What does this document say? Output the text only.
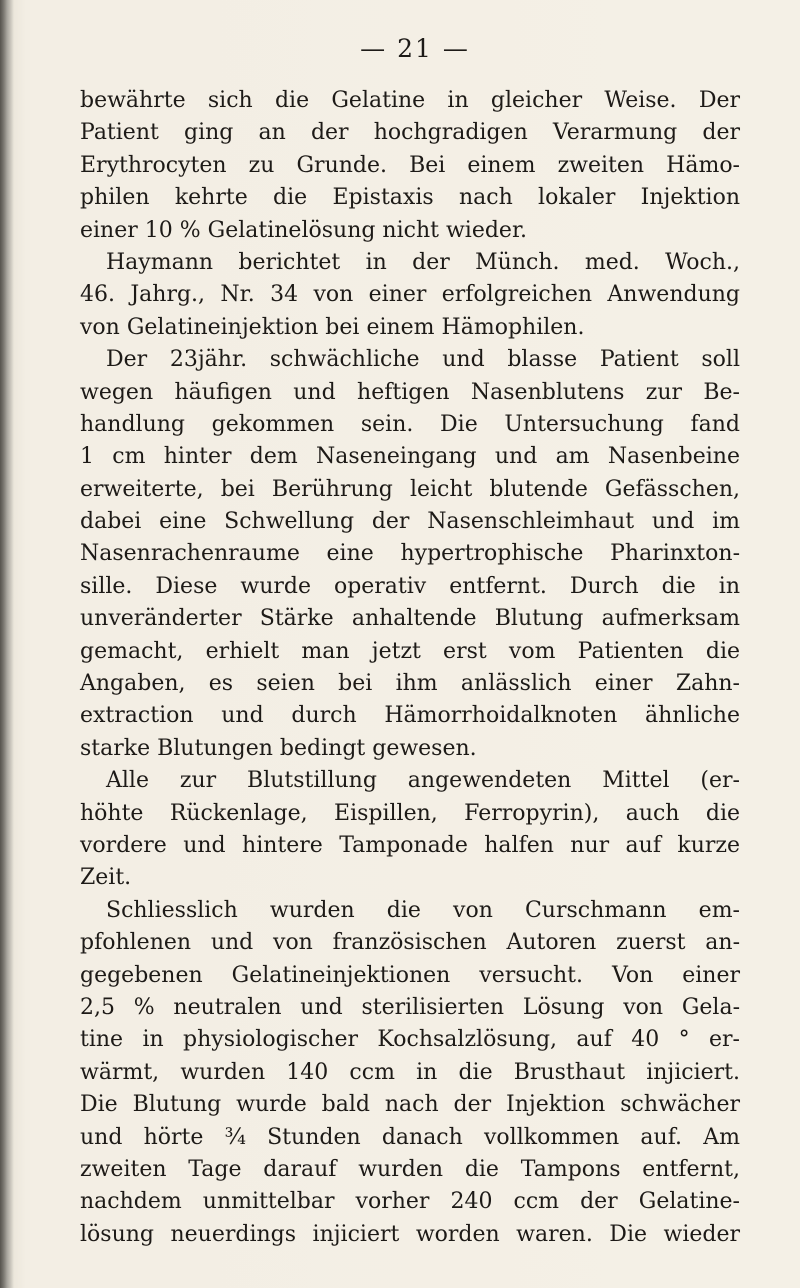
— 21 —
bewährte sich die Gelatine in gleicher Weise. Der
Patient ging an der hochgradigen Verarmung der
Erythrocyten zu Grunde. Bei einem zweiten Hämo-
philen kehrte die Epistaxis nach lokaler Injektion
einer 10 % Gelatinelösung nicht wieder.
Haymann berichtet in der Münch. med. Woch.,
46. Jahrg., Nr. 34 von einer erfolgreichen Anwendung
von Gelatineinjektion bei einem Hämophilen.
Der 23jähr. schwächliche und blasse Patient soll
wegen häufigen und heftigen Nasenblutens zur Be-
handlung gekommen sein. Die Untersuchung fand
1 cm hinter dem Naseneingang und am Nasenbeine
erweiterte, bei Berührung leicht blutende Gefässchen,
dabei eine Schwellung der Nasenschleimhaut und im
Nasenrachenraume eine hypertrophische Pharinxton-
sille. Diese wurde operativ entfernt. Durch die in
unveränderter Stärke anhaltende Blutung aufmerksam
gemacht, erhielt man jetzt erst vom Patienten die
Angaben, es seien bei ihm anlässlich einer Zahn-
extraction und durch Hämorrhoidalknoten ähnliche
starke Blutungen bedingt gewesen.
Alle zur Blutstillung angewendeten Mittel (er-
höhte Rückenlage, Eispillen, Ferropyrin), auch die
vordere und hintere Tamponade halfen nur auf kurze
Zeit.
Schliesslich wurden die von Curschmann em-
pfohlenen und von französischen Autoren zuerst an-
gegebenen Gelatineinjektionen versucht. Von einer
2,5 % neutralen und sterilisierten Lösung von Gela-
tine in physiologischer Kochsalzlösung, auf 40 ° er-
wärmt, wurden 140 ccm in die Brusthaut injiciert.
Die Blutung wurde bald nach der Injektion schwächer
und hörte ¾ Stunden danach vollkommen auf. Am
zweiten Tage darauf wurden die Tampons entfernt,
nachdem unmittelbar vorher 240 ccm der Gelatine-
lösung neuerdings injiciert worden waren. Die wieder
